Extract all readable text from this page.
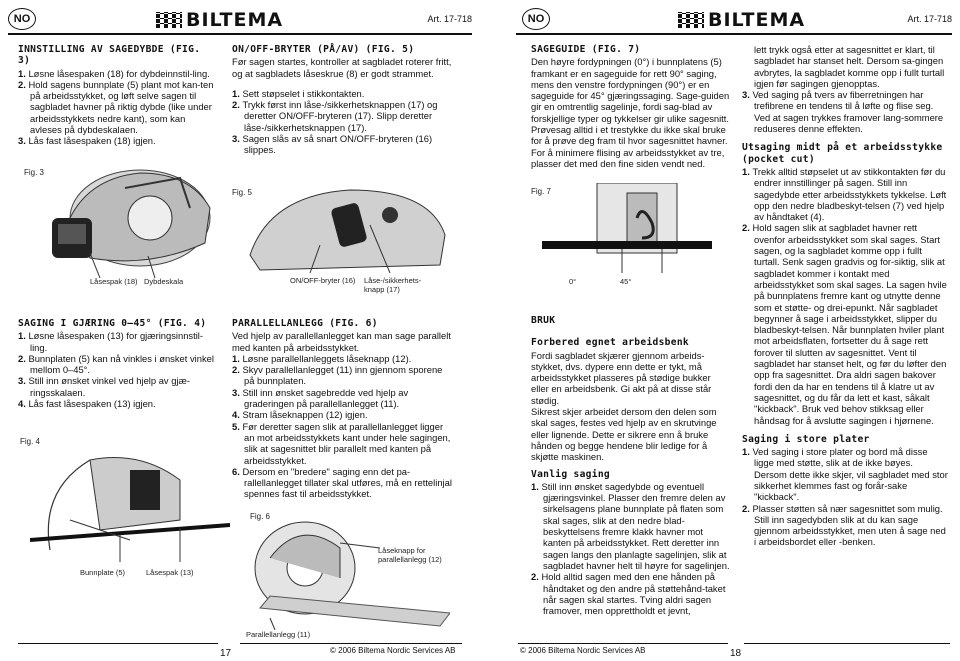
NO	BILTEMA	Art. 17-718
INNSTILLING AV SAGEDYBDE (FIG. 3)
1. Løsne låsespaken (18) for dybdeinnstil-ling.
2. Hold sagens bunnplate (5) plant mot kan-ten på arbeidsstykket, og løft selve sagen til sagbladet havner på riktig dybde (like under arbeidsstykkets nedre kant), som kan avleses på dybdeskalaen.
3. Lås fast låsespaken (18) igjen.
Fig. 3
Låsespak (18) Dybdeskala
SAGING I GJÆRING 0–45° (FIG. 4)
1. Løsne låsespaken (13) for gjæringsinnstil-ling.
2. Bunnplaten (5) kan nå vinkles i ønsket vinkel mellom 0–45°.
3. Still inn ønsket vinkel ved hjelp av gjæ-ringsskalaen.
4. Lås fast låsespaken (13) igjen.
Fig. 4
Bunnplate (5)	Låsespak (13)
ON/OFF-BRYTER (PÅ/AV) (FIG. 5)
Før sagen startes, kontroller at sagbladet roterer fritt, og at sagbladets låseskrue (8) er godt strammet.
1. Sett støpselet i stikkontakten.
2. Trykk først inn låse-/sikkerhetsknappen (17) og deretter ON/OFF-bryteren (17). Slipp deretter låse-/sikkerhetsknappen (17).
3. Sagen slås av så snart ON/OFF-bryteren (16) slippes.
Fig. 5
ON/OFF-bryter (16) Låse-/sikkerhets-
knapp (17)
PARALLELLANLEGG (FIG. 6)
Ved hjelp av parallellanlegget kan man sage parallelt med kanten på arbeidsstykket.
1. Løsne parallellanleggets låseknapp (12).
2. Skyv parallellanlegget (11) inn gjennom sporene på bunnplaten.
3. Still inn ønsket sagebredde ved hjelp av graderingen på parallellanlegget (11).
4. Stram låseknappen (12) igjen.
5. Før deretter sagen slik at parallellanlegget ligger an mot arbeidsstykkets kant under hele sagingen, slik at sagesnittet blir parallelt med kanten på arbeidsstykket.
6. Dersom en "bredere" saging enn det pa-rallellanlegget tillater skal utføres, må en rettelinjal spennes fast til arbeidsstykket.
Fig. 6
Låseknapp for
parallellanlegg (12)
Parallellanlegg (11)
17	© 2006 Biltema Nordic Services AB
NO	BILTEMA	Art. 17-718
SAGEGUIDE (FIG. 7)
Den høyre fordypningen (0°) i bunnplatens (5) framkant er en sageguide for rett 90° saging, mens den venstre fordypningen (90°) er en sageguide for 45° gjæringssaging. Sage-guiden gir en omtrentlig sagelinje, fordi sag-blad av forskjellige typer og tykkelser gir ulike sagesnitt. Prøvesag alltid i et trestykke du ikke skal bruke for å prøve deg fram til hvor sagesnittet havner. For å minimere flising av arbeidsstykket av tre, plasser det med den fine siden vendt ned.
Fig. 7
0°	45°
BRUK
Forbered egnet arbeidsbenk
Fordi sagbladet skjærer gjennom arbeids-stykket, dvs. dypere enn dette er tykt, må arbeidsstykket plasseres på stødige bukker eller en arbeidsbenk. Gi akt på at disse står stødig.
Sikrest skjer arbeidet dersom den delen som skal sages, festes ved hjelp av en skrutvinge eller lignende. Dette er sikrere enn å bruke hånden og begge hendene blir ledige for å skjøtte maskinen.
Vanlig saging
1. Still inn ønsket sagedybde og eventuell gjæringsvinkel. Plasser den fremre delen av sirkelsagens plane bunnplate på flaten som skal sages, slik at den nedre blad-beskyttelsens fremre klakk havner mot kanten på arbeidsstykket. Rett deretter inn sagen langs den planlagte sagelinjen, slik at sagbladet havner helt til høyre for sagelinjen.
2. Hold alltid sagen med den ene hånden på håndtaket og den andre på støttehånd-taket når sagen skal startes. Tving aldri sagen framover, men opprettholdt et jevnt,
lett trykk også etter at sagesnittet er klart, til sagbladet har stanset helt. Dersom sa-gingen avbrytes, la sagbladet komme opp i fullt turtall igjen før sagingen gjenopptas.
3. Ved saging på tvers av fiberretningen har trefibrene en tendens til å løfte og flise seg. Ved at sagen trykkes framover lang-sommere reduseres denne effekten.
Utsaging midt på et arbeidsstykke (pocket cut)
1. Trekk alltid støpselet ut av stikkontakten før du endrer innstillinger på sagen. Still inn sagedybde etter arbeidsstykkets tykkelse. Løft opp den nedre bladbeskyt-telsen (7) ved hjelp av håndtaket (4).
2. Hold sagen slik at sagbladet havner rett ovenfor arbeidsstykket som skal sages. Start sagen, og la sagbladet komme opp i fullt turtall. Senk sagen gradvis og for-siktig, slik at sagbladet kommer i kontakt med arbeidsstykket som skal sages. La sagen hvile på bunnplatens fremre kant og utnytte denne som et støtte- og drei-epunkt. Når sagbladet begynner å sage i arbeidsstykket, slipper du bladbeskyt-telsen. Når bunnplaten hviler plant mot arbeidsflaten, fortsetter du å sage rett forover til slutten av sagesnittet. Vent til sagbladet har stanset helt, og før du løfter den opp fra sagesnittet. Dra aldri sagen bakover fordi den da har en tendens til å klatre ut av sagesnittet, og du får da lett et kast, såkalt "kickback". Bruk ved behov stikksag eller håndsag for å avslutte sagingen i hjørnene.
Saging i store plater
1. Ved saging i store plater og bord må disse ligge med støtte, slik at de ikke bøyes. Dersom dette ikke skjer, vil sagbladet med stor sikkerhet klemmes fast og forår-sake "kickback".
2. Plasser støtten så nær sagesnittet som mulig. Still inn sagedybden slik at du kan sage gjennom arbeidsstykket, men uten å sage ned i arbeidsbordet eller -benken.
© 2006 Biltema Nordic Services AB	18
